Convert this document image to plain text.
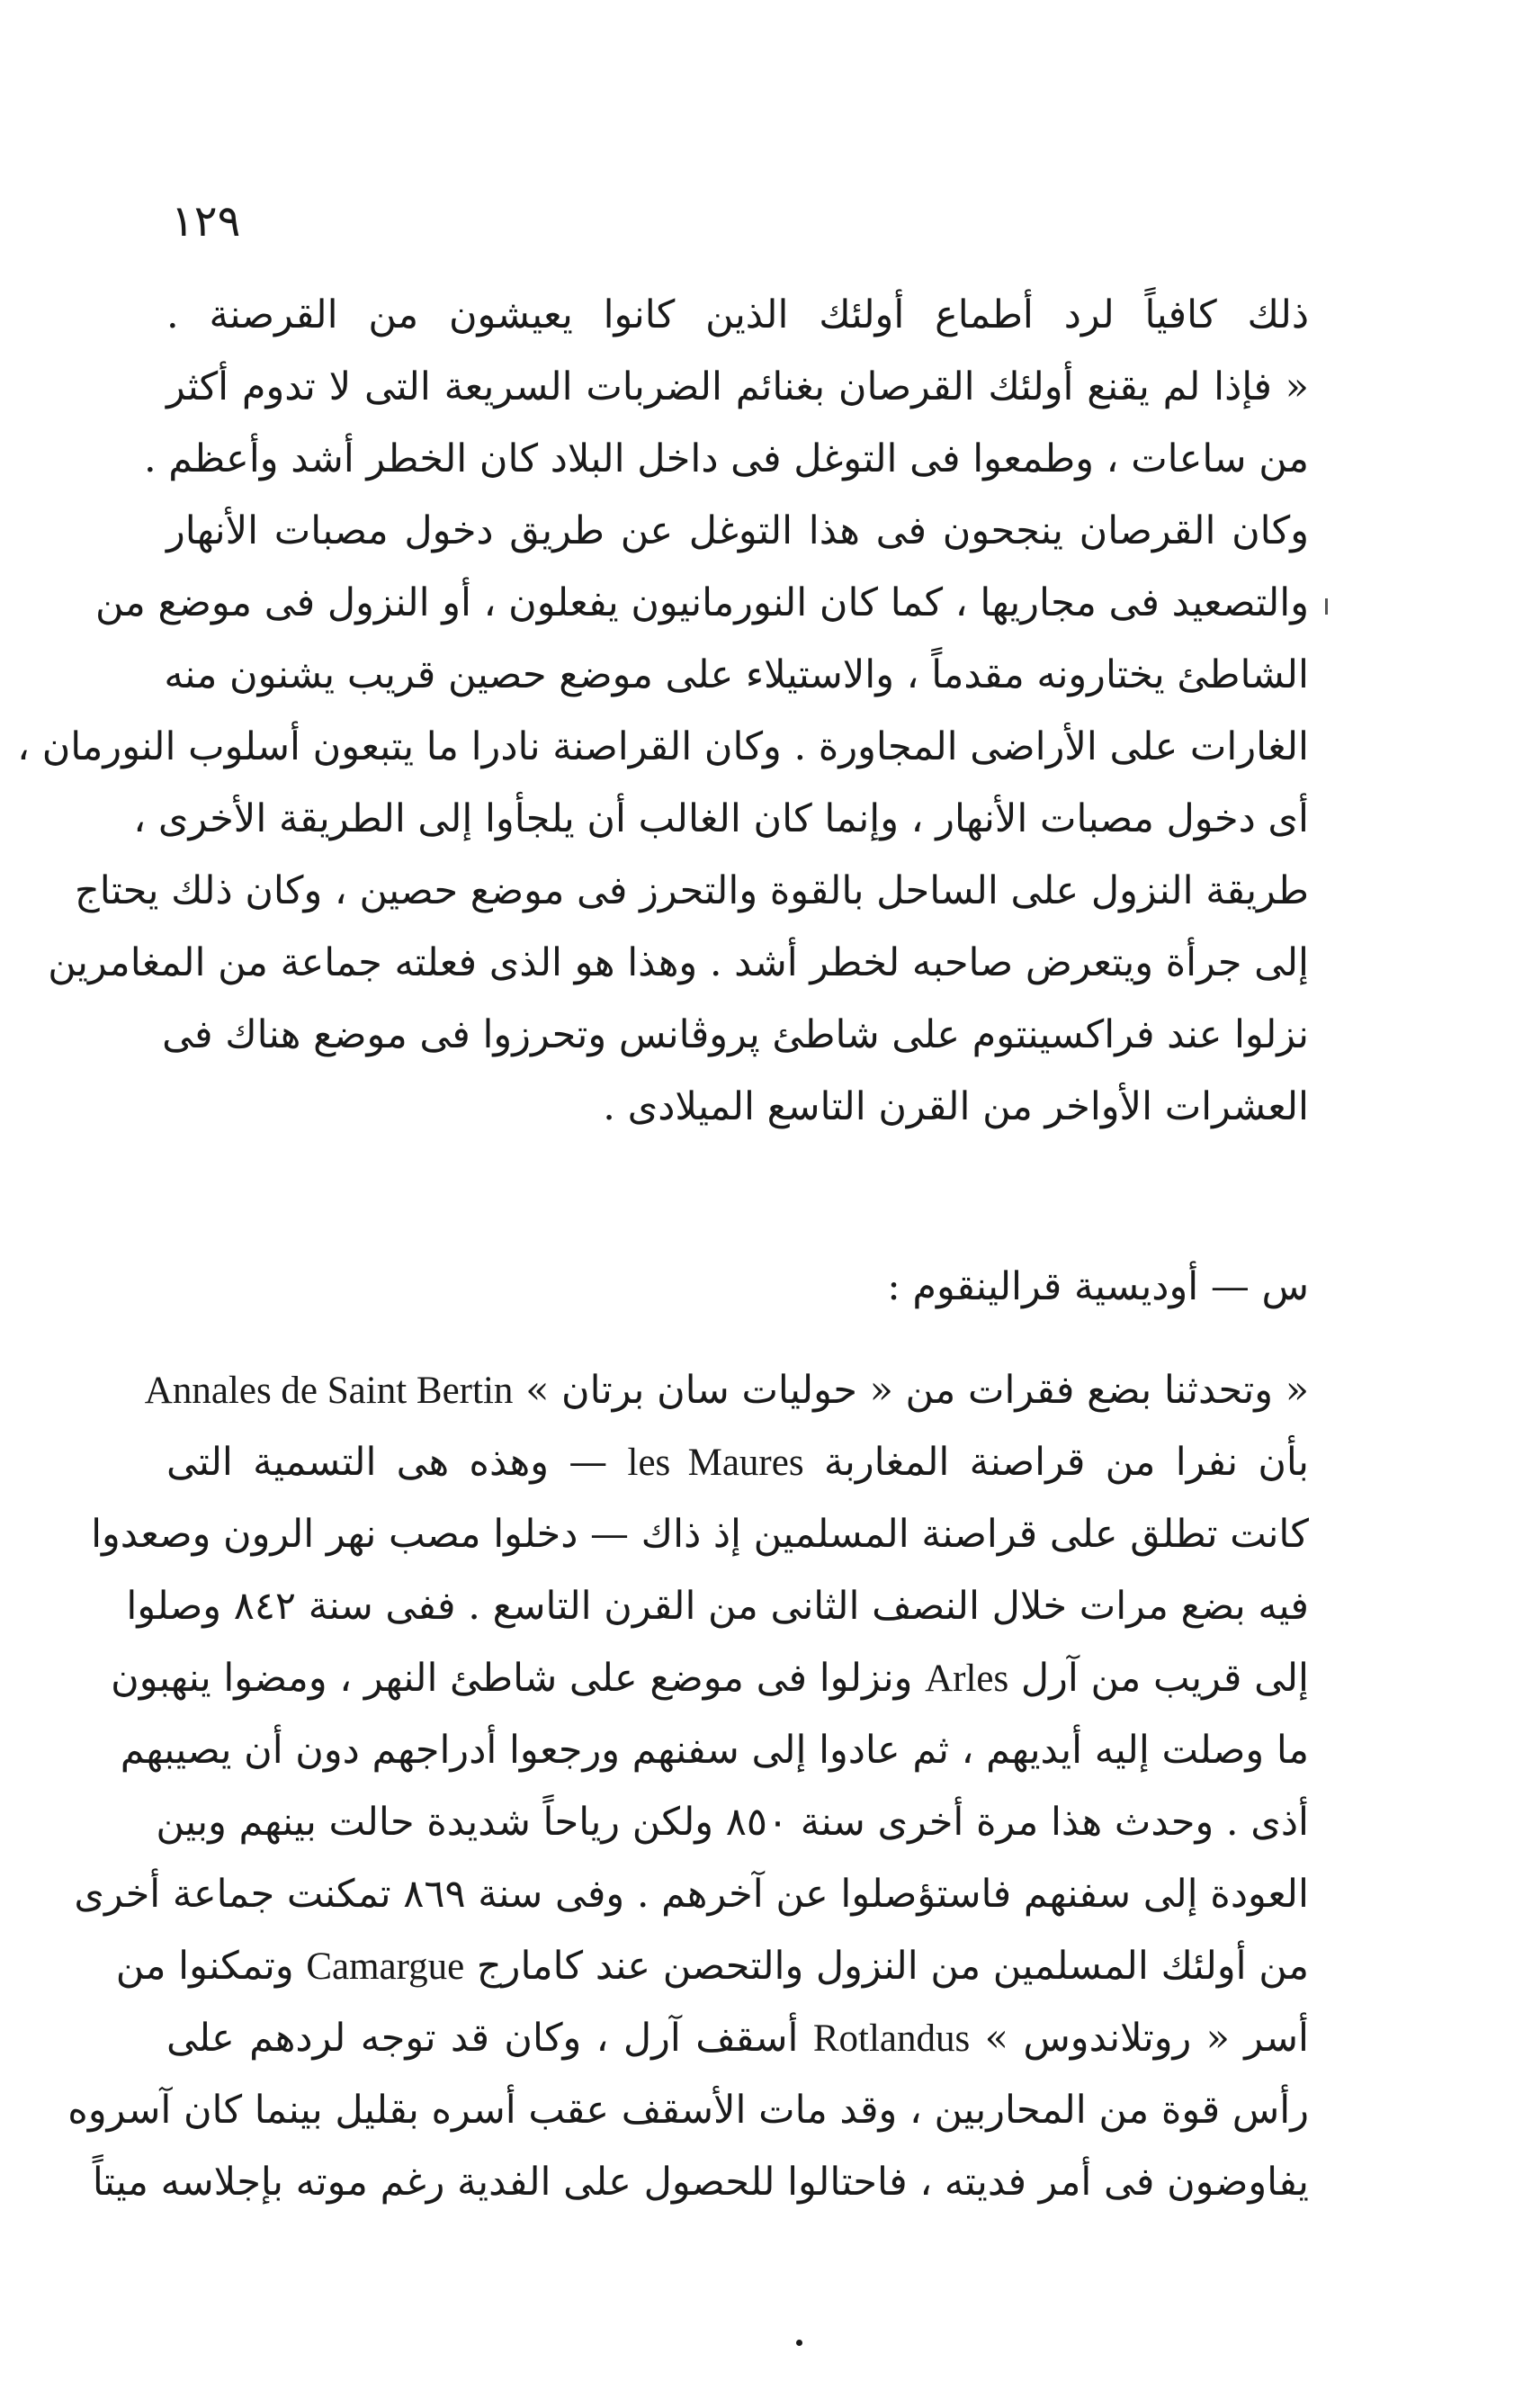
١٢٩
ذلك كافياً لرد أطماع أولئك الذين كانوا يعيشون من القرصنة .
« فإذا لم يقنع أولئك القرصان بغنائم الضربات السريعة التى لا تدوم أكثر
من ساعات ، وطمعوا فى التوغل فى داخل البلاد كان الخطر أشد وأعظم .
وكان القرصان ينجحون فى هذا التوغل عن طريق دخول مصبات الأنهار
والتصعيد فى مجاريها ، كما كان النورمانيون يفعلون ، أو النزول فى موضع من
الشاطئ يختارونه مقدماً ، والاستيلاء على موضع حصين قريب يشنون منه
الغارات على الأراضى المجاورة . وكان القراصنة نادرا ما يتبعون أسلوب النورمان ،
أى دخول مصبات الأنهار ، وإنما كان الغالب أن يلجأوا إلى الطريقة الأخرى ،
طريقة النزول على الساحل بالقوة والتحرز فى موضع حصين ، وكان ذلك يحتاج
إلى جرأة ويتعرض صاحبه لخطر أشد . وهذا هو الذى فعلته جماعة من المغامرين
نزلوا عند فراكسينتوم على شاطئ پروڤانس وتحرزوا فى موضع هناك فى
العشرات الأواخر من القرن التاسع الميلادى .
س — أوديسية قرالينقوم :
« وتحدثنا بضع فقرات من « حوليات سان برتان » Annales de Saint Bertin
بأن نفرا من قراصنة المغاربة les Maures — وهذه هى التسمية التى
كانت تطلق على قراصنة المسلمين إذ ذاك — دخلوا مصب نهر الرون وصعدوا
فيه بضع مرات خلال النصف الثانى من القرن التاسع . ففى سنة ٨٤٢ وصلوا
إلى قريب من آرل Arles ونزلوا فى موضع على شاطئ النهر ، ومضوا ينهبون
ما وصلت إليه أيديهم ، ثم عادوا إلى سفنهم ورجعوا أدراجهم دون أن يصيبهم
أذى . وحدث هذا مرة أخرى سنة ٨٥٠ ولكن رياحاً شديدة حالت بينهم وبين
العودة إلى سفنهم فاستؤصلوا عن آخرهم . وفى سنة ٨٦٩ تمكنت جماعة أخرى
من أولئك المسلمين من النزول والتحصن عند كامارج Camargue وتمكنوا من
أسر « روتلاندوس » Rotlandus أسقف آرل ، وكان قد توجه لردهم على
رأس قوة من المحاربين ، وقد مات الأسقف عقب أسره بقليل بينما كان آسروه
يفاوضون فى أمر فديته ، فاحتالوا للحصول على الفدية رغم موته بإجلاسه ميتاً
